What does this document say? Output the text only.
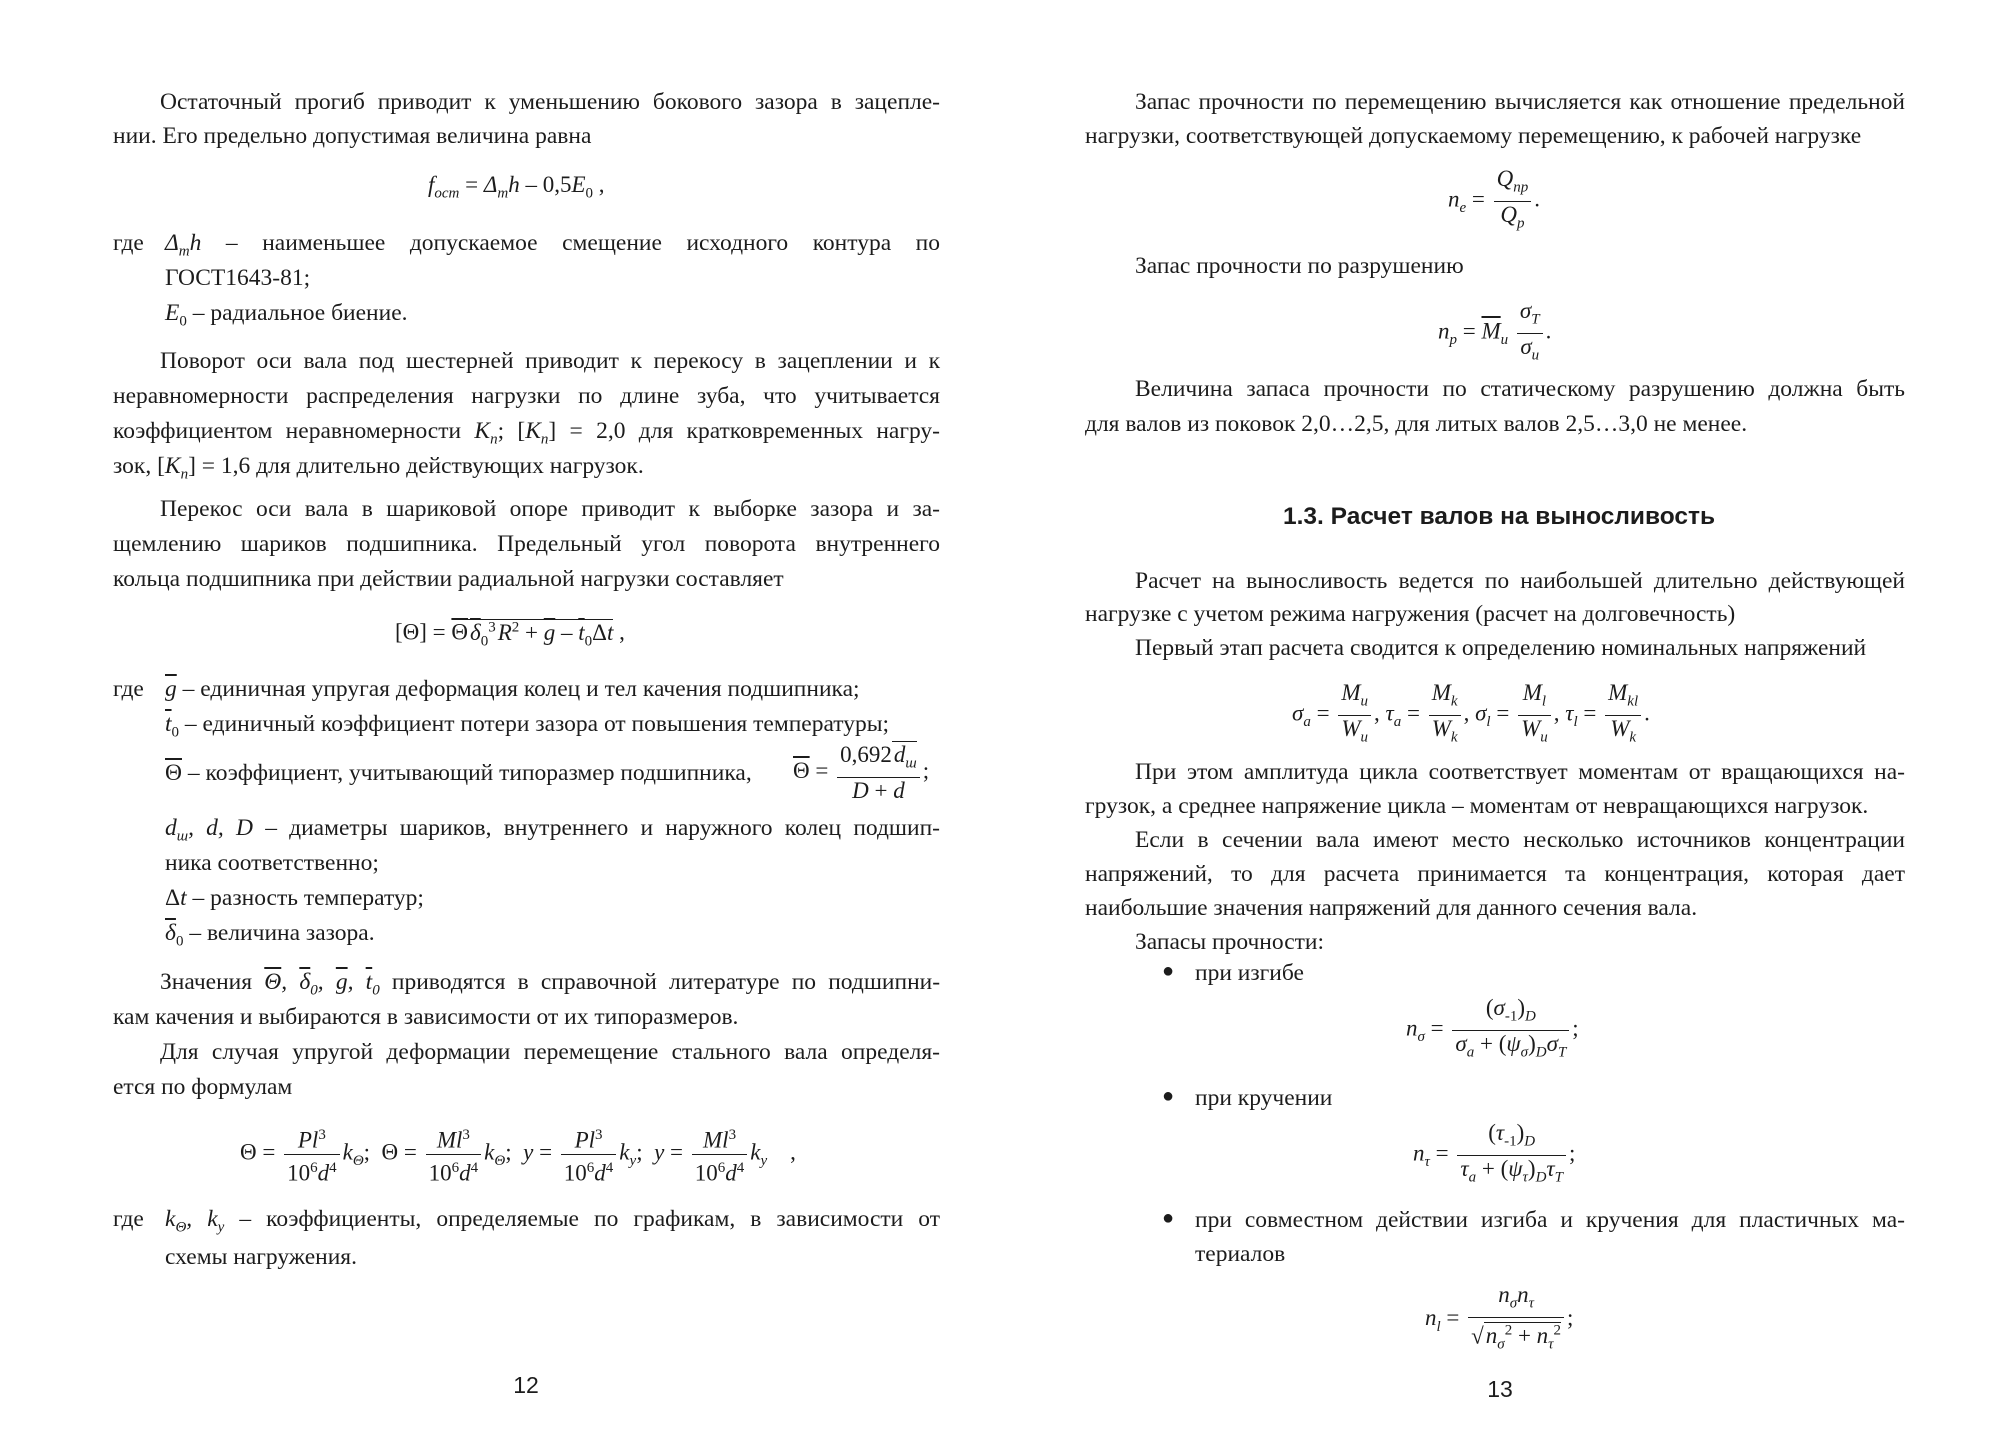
Остаточный прогиб приводит к уменьшению бокового зазора в зацепле-

нии. Его предельно допустимая величина равна

$f_{ост} = \Delta_mh - 0,5E_0$ ,

где $\Delta_mh$  –  наименьшее  допускаемое  смещение  исходного  контура  по

ГОСТ1643-81;

$E_0$ – радиальное биение.

Поворот оси вала под шестерней приводит к перекосу в зацеплении и к

неравномерности распределения нагрузки по длине зуба, что учитывается

коэффициентом неравномерности $K_n$; $[K_n] = 2,0$ для кратковременных нагру-

зок, $[K_n] = 1,6$ для длительно действующих нагрузок.

Перекос оси вала в шариковой опоре приводит к выборке зазора и за-

щемлению шариков подшипника. Предельный угол поворота внутреннего

кольца подшипника при действии радиальной нагрузки составляет

$[\Theta] = \overline{\Theta}\overline{\delta}_0^3R^2 + \overline{g} - \overline{t}_0\Delta t$ ,

где $\overline{g}$ – единичная упругая деформация колец и тел качения подшипника;

$\overline{t}_0$ – единичный коэффициент потери зазора от повышения температуры;

$\overline{\Theta}$ – коэффициент, учитывающий типоразмер подшипника, $\overline{\Theta} = \frac{0,692d_ш}{D + d}$ ;

$d_ш$, d, D – диаметры шариков, внутреннего и наружного колец подшип-

ника соответственно;

Δt – разность температур;

$\overline{\delta}_0$ – величина зазора.

Значения $\overline{\Theta}$, $\overline{\delta}_0$, $\overline{g}$, $\overline{t}_0$ приводятся в справочной литературе по подшипни-

кам качения и выбираются в зависимости от их типоразмеров.

Для случая упругой деформации перемещение стального вала определя-

ется по формулам

$\Theta = \frac{Pl^3}{10^6d^4} k_\Theta$;  $\Theta = \frac{Ml^3}{10^6d^4} k_\Theta$;  $y = \frac{Pl^3}{10^6d^4} k_y$;  $y = \frac{Ml^3}{10^6d^4} k_y$    ,

где $k_\Theta$, $k_y$ – коэффициенты, определяемые по графикам, в зависимости от

схемы нагружения.

12

Запас прочности по перемещению вычисляется как отношение предельной

нагрузки, соответствующей допускаемому перемещению, к рабочей нагрузке

$n_e = \frac{Q_{пр}}{Q_p}$ .

Запас прочности по разрушению

$n_p = \overline{M}_u \frac{\sigma_T}{\sigma_u}$ .

Величина запаса прочности по статическому разрушению должна быть

для валов из поковок 2,0…2,5, для литых валов 2,5…3,0 не менее.

1.3. Расчет валов на выносливость

Расчет на выносливость ведется по наибольшей длительно действующей

нагрузке с учетом режима нагружения (расчет на долговечность)

Первый этап расчета сводится к определению номинальных напряжений

$\sigma_a = \frac{M_u}{W_u}$ , $\tau_a = \frac{M_k}{W_k}$ , $\sigma_l = \frac{M_l}{W_u}$ , $\tau_l = \frac{M_{kl}}{W_k}$ .

При этом амплитуда цикла соответствует моментам от вращающихся на-

грузок, а среднее напряжение цикла – моментам от невращающихся нагрузок.

Если в сечении вала имеют место несколько источников концентрации

напряжений, то для расчета принимается та концентрация, которая дает

наибольшие значения напряжений для данного сечения вала.

Запасы прочности:

● при изгибе

$n_\sigma = \frac{(\sigma_{-1})_D}{\sigma_a + (\psi_\sigma)_D\sigma_T}$ ;
● при кручении

$n_\tau = \frac{(\tau_{-1})_D}{\tau_a + (\psi_\tau)_D\tau_T}$ ;
● при совместном действии изгиба и кручения для пластичных ма-

териалов

$n_l = \frac{n_\sigma n_\tau}{√n_\sigma^2 + n_\tau^2}$ ;
13
